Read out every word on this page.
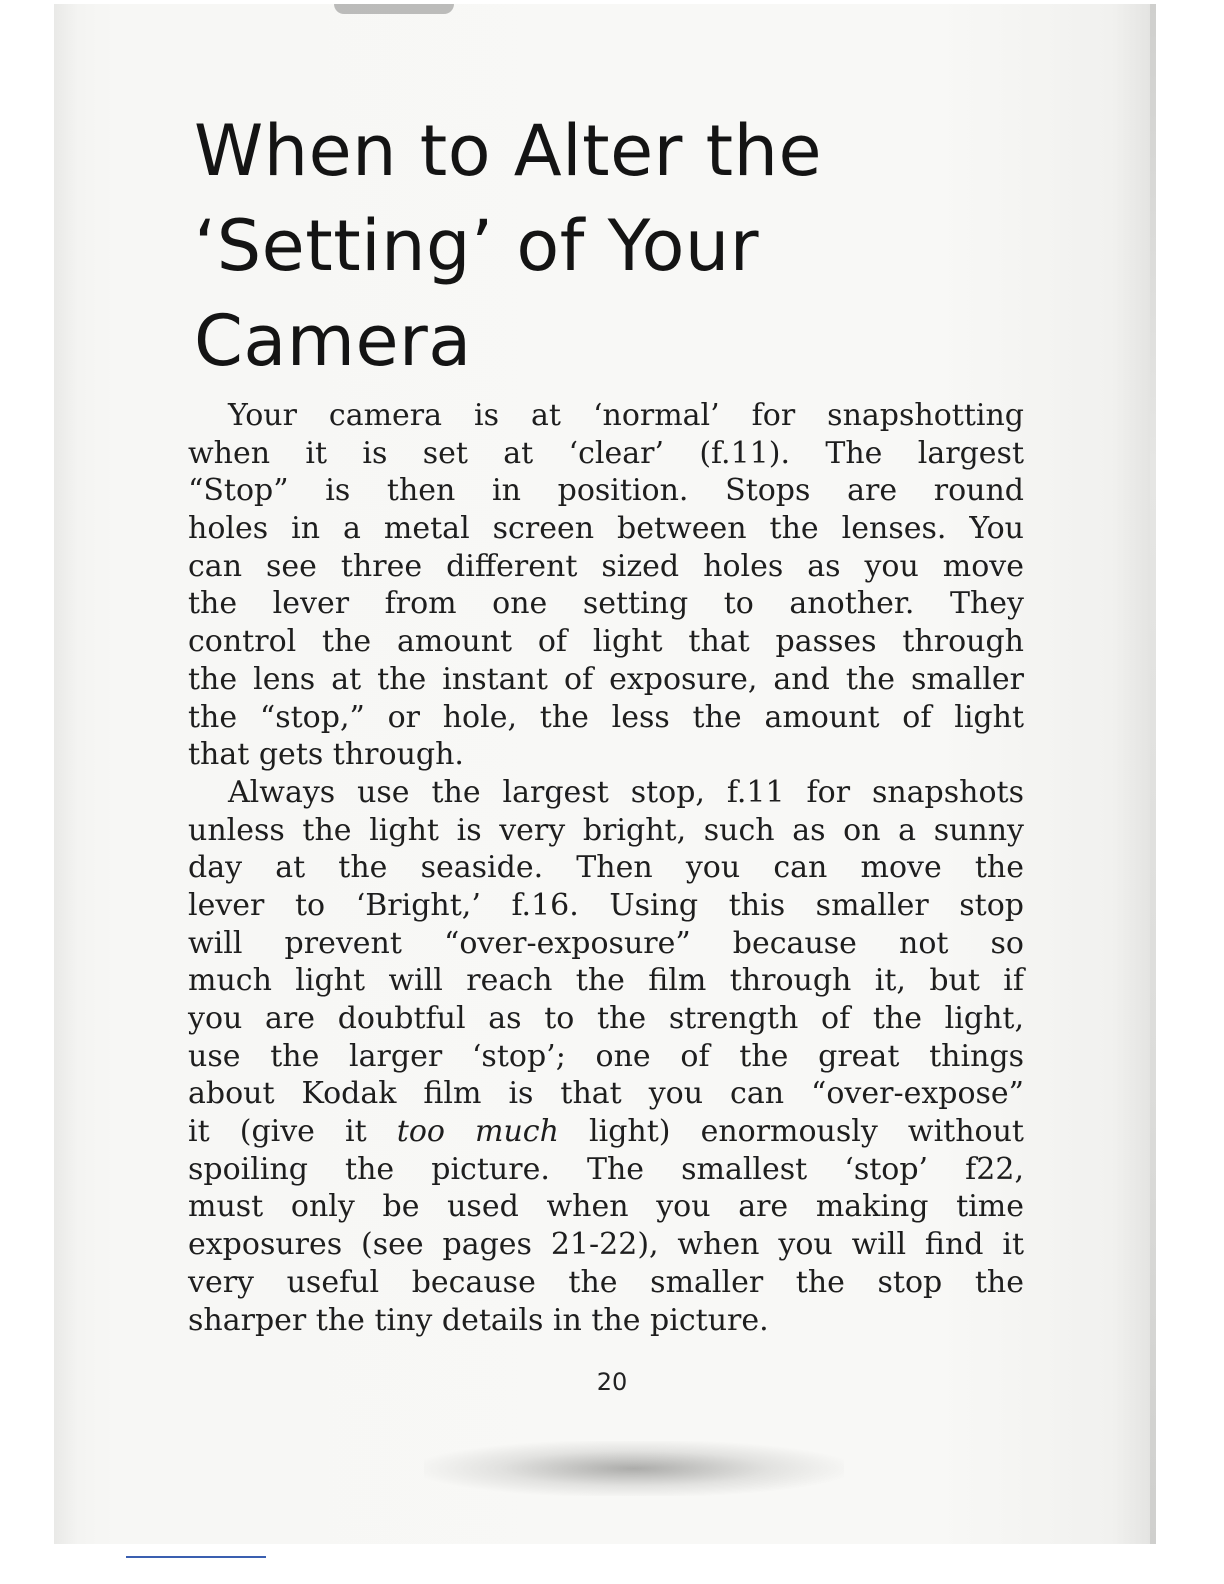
When to Alter the
‘Setting’ of Your
Camera
Your camera is at ‘normal’ for snapshotting
when it is set at ‘clear’ (f.11). The largest
“Stop” is then in position. Stops are round
holes in a metal screen between the lenses. You
can see three different sized holes as you move
the lever from one setting to another. They
control the amount of light that passes through
the lens at the instant of exposure, and the smaller
the “stop,” or hole, the less the amount of light
that gets through.
Always use the largest stop, f.11 for snapshots
unless the light is very bright, such as on a sunny
day at the seaside. Then you can move the
lever to ‘Bright,’ f.16. Using this smaller stop
will prevent “over-exposure” because not so
much light will reach the film through it, but if
you are doubtful as to the strength of the light,
use the larger ‘stop’; one of the great things
about Kodak film is that you can “over-expose”
it (give it too much light) enormously without
spoiling the picture. The smallest ‘stop’ f22,
must only be used when you are making time
exposures (see pages 21-22), when you will find it
very useful because the smaller the stop the
sharper the tiny details in the picture.
20
